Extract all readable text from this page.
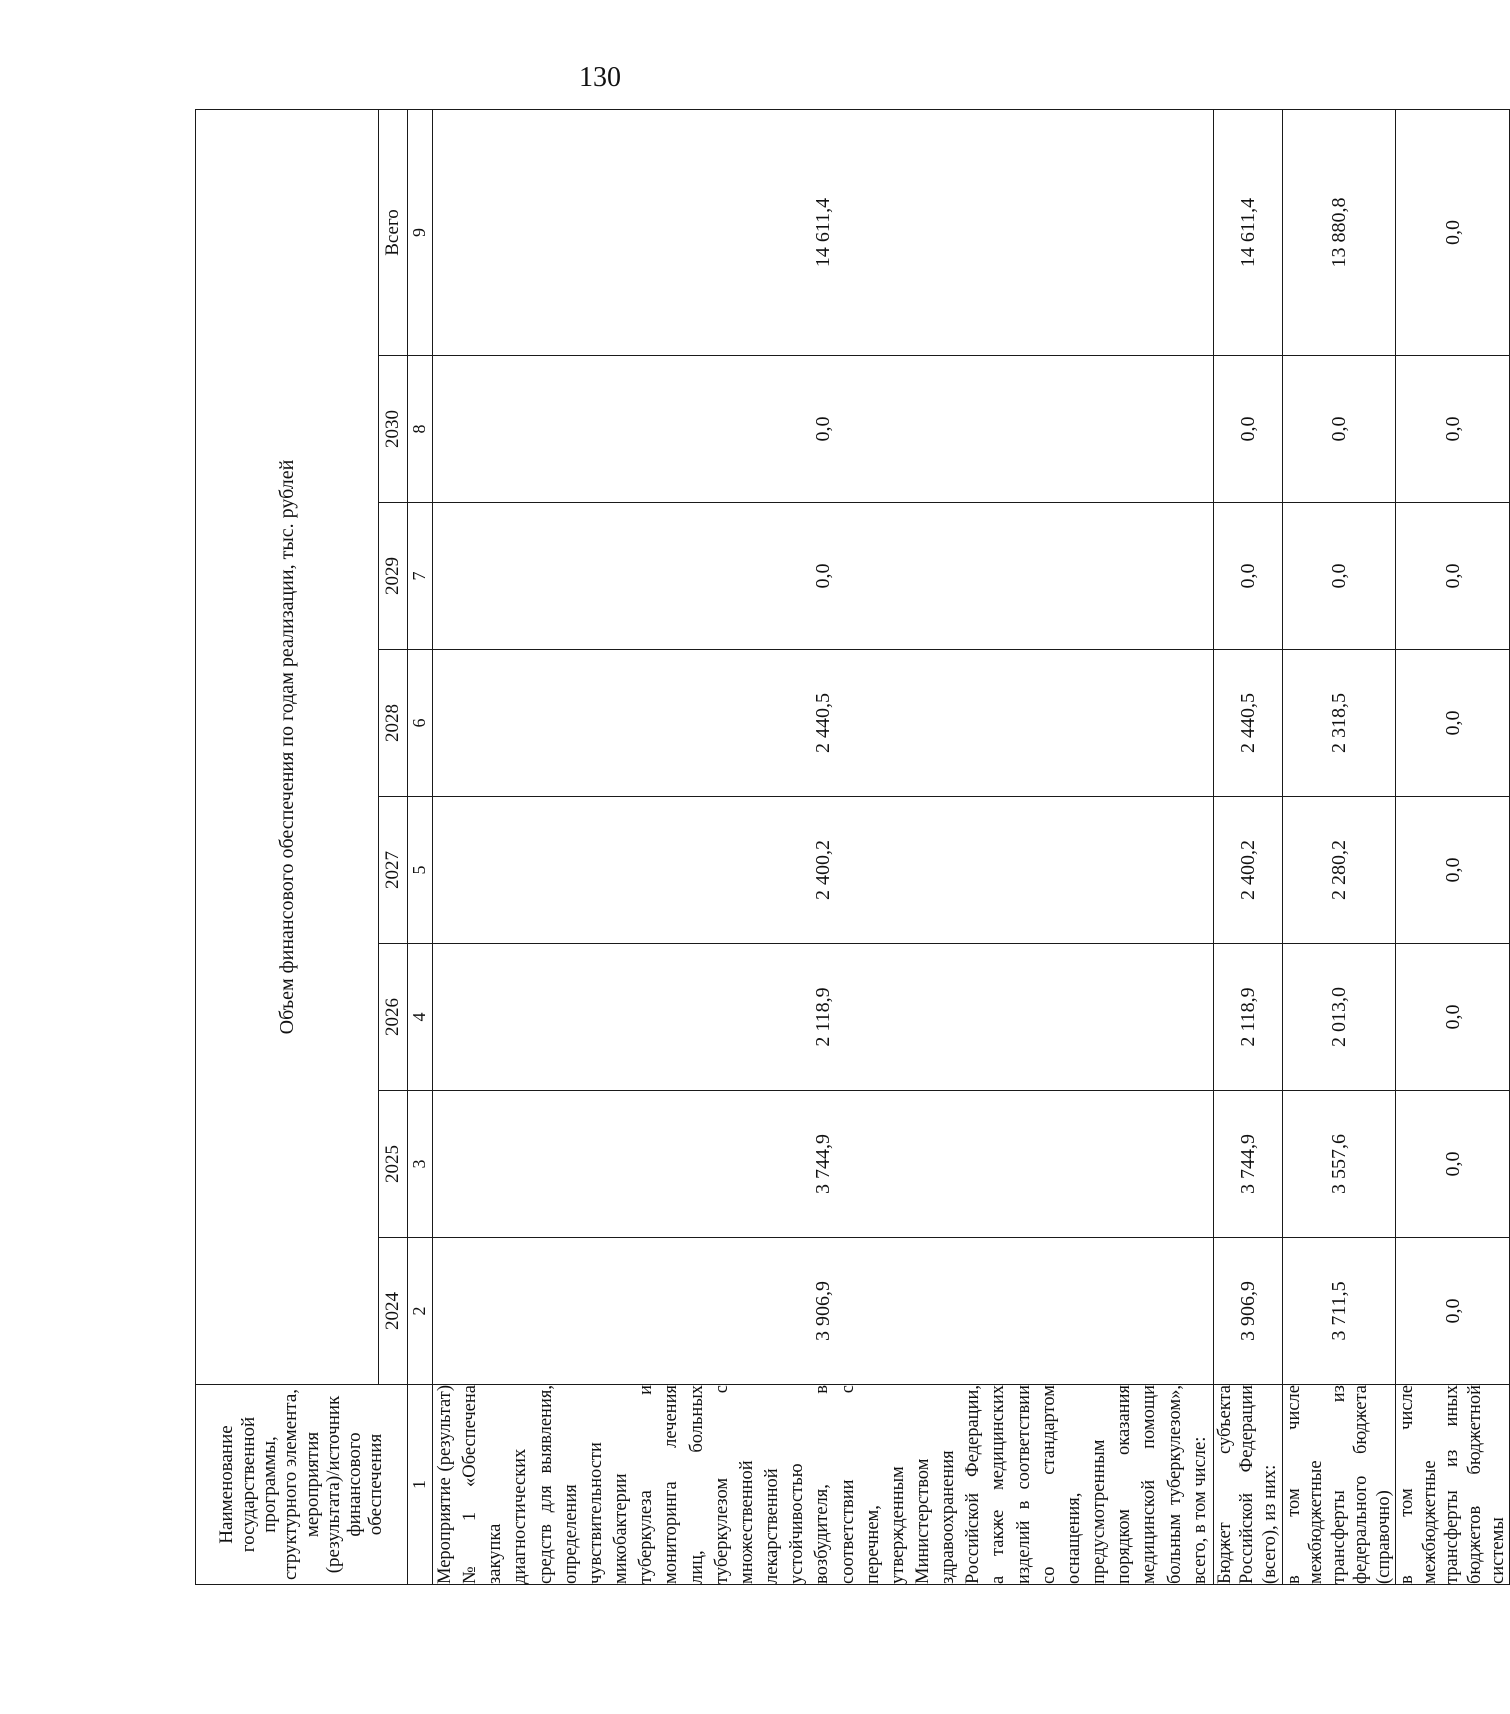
130
Наименование государственной программы, структурного элемента, мероприятия (результата)/источник финансового обеспечения	Объем финансового обеспечения по годам реализации, тыс. рублей							
	2024	2025	2026	2027	2028	2029	2030	Всего
1	2	3	4	5	6	7	8	9
Мероприятие (результат) № 1 «Обеспечена закупка диагностических средств для выявления, определения чувствительности микобактерии туберкулеза и мониторинга лечения лиц, больных туберкулезом с множественной лекарственной устойчивостью возбудителя, в соответствии с перечнем, утвержденным Министерством здравоохранения Российской Федерации, а также медицинских изделий в соответствии со стандартом оснащения, предусмотренным порядком оказания медицинской помощи больным туберкулезом», всего, в том числе:	3 906,9	3 744,9	2 118,9	2 400,2	2 440,5	0,0	0,0	14 611,4
Бюджет субъекта Российской Федерации (всего), из них:	3 906,9	3 744,9	2 118,9	2 400,2	2 440,5	0,0	0,0	14 611,4
в том числе межбюджетные трансферты из федерального бюджета (справочно)	3 711,5	3 557,6	2 013,0	2 280,2	2 318,5	0,0	0,0	13 880,8
в том числе межбюджетные трансферты из иных бюджетов бюджетной системы	0,0	0,0	0,0	0,0	0,0	0,0	0,0	0,0
